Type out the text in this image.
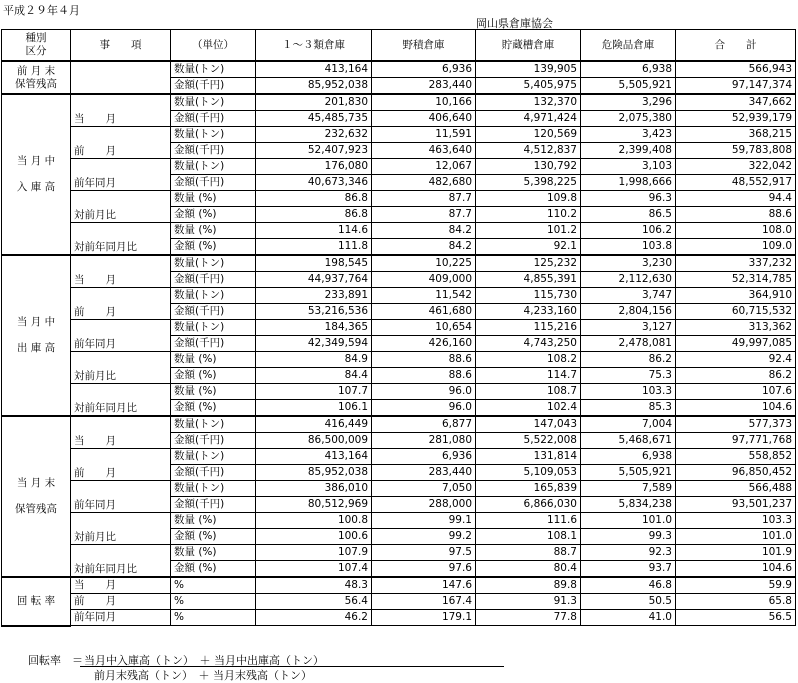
平成２９年４月
岡山県倉庫協会
種別
区分	事　　項	（単位）	１～３類倉庫	野積倉庫	貯蔵槽倉庫	危険品倉庫	合　　計
前 月 末
保管残高		数量(トン)	413,164	6,936	139,905	6,938	566,943
		金額(千円)	85,952,038	283,440	5,405,975	5,505,921	97,147,374
当 月 中

入 庫 高	当　　月	数量(トン)	201,830	10,166	132,370	3,296	347,662
		金額(千円)	45,485,735	406,640	4,971,424	2,075,380	52,939,179
	前　　月	数量(トン)	232,632	11,591	120,569	3,423	368,215
		金額(千円)	52,407,923	463,640	4,512,837	2,399,408	59,783,808
	前年同月	数量(トン)	176,080	12,067	130,792	3,103	322,042
		金額(千円)	40,673,346	482,680	5,398,225	1,998,666	48,552,917
	対前月比	数量 (%)	86.8	87.7	109.8	96.3	94.4
		金額 (%)	86.8	87.7	110.2	86.5	88.6
	対前年同月比	数量 (%)	114.6	84.2	101.2	106.2	108.0
		金額 (%)	111.8	84.2	92.1	103.8	109.0
当 月 中

出 庫 高	当　　月	数量(トン)	198,545	10,225	125,232	3,230	337,232
		金額(千円)	44,937,764	409,000	4,855,391	2,112,630	52,314,785
	前　　月	数量(トン)	233,891	11,542	115,730	3,747	364,910
		金額(千円)	53,216,536	461,680	4,233,160	2,804,156	60,715,532
	前年同月	数量(トン)	184,365	10,654	115,216	3,127	313,362
		金額(千円)	42,349,594	426,160	4,743,250	2,478,081	49,997,085
	対前月比	数量 (%)	84.9	88.6	108.2	86.2	92.4
		金額 (%)	84.4	88.6	114.7	75.3	86.2
	対前年同月比	数量 (%)	107.7	96.0	108.7	103.3	107.6
		金額 (%)	106.1	96.0	102.4	85.3	104.6
当 月 末

保管残高	当　　月	数量(トン)	416,449	6,877	147,043	7,004	577,373
		金額(千円)	86,500,009	281,080	5,522,008	5,468,671	97,771,768
	前　　月	数量(トン)	413,164	6,936	131,814	6,938	558,852
		金額(千円)	85,952,038	283,440	5,109,053	5,505,921	96,850,452
	前年同月	数量(トン)	386,010	7,050	165,839	7,589	566,488
		金額(千円)	80,512,969	288,000	6,866,030	5,834,238	93,501,237
	対前月比	数量 (%)	100.8	99.1	111.6	101.0	103.3
		金額 (%)	100.6	99.2	108.1	99.3	101.0
	対前年同月比	数量 (%)	107.9	97.5	88.7	92.3	101.9
		金額 (%)	107.4	97.6	80.4	93.7	104.6
回 転 率	当　　月	%	48.3	147.6	89.8	46.8	59.9
	前　　月	%	56.4	167.4	91.3	50.5	65.8
	前年同月	%	46.2	179.1	77.8	41.0	56.5
回転率　＝ 当月中入庫高（トン）　＋ 当月中出庫高（トン）
前月末残高（トン）　＋ 当月末残高（トン）
